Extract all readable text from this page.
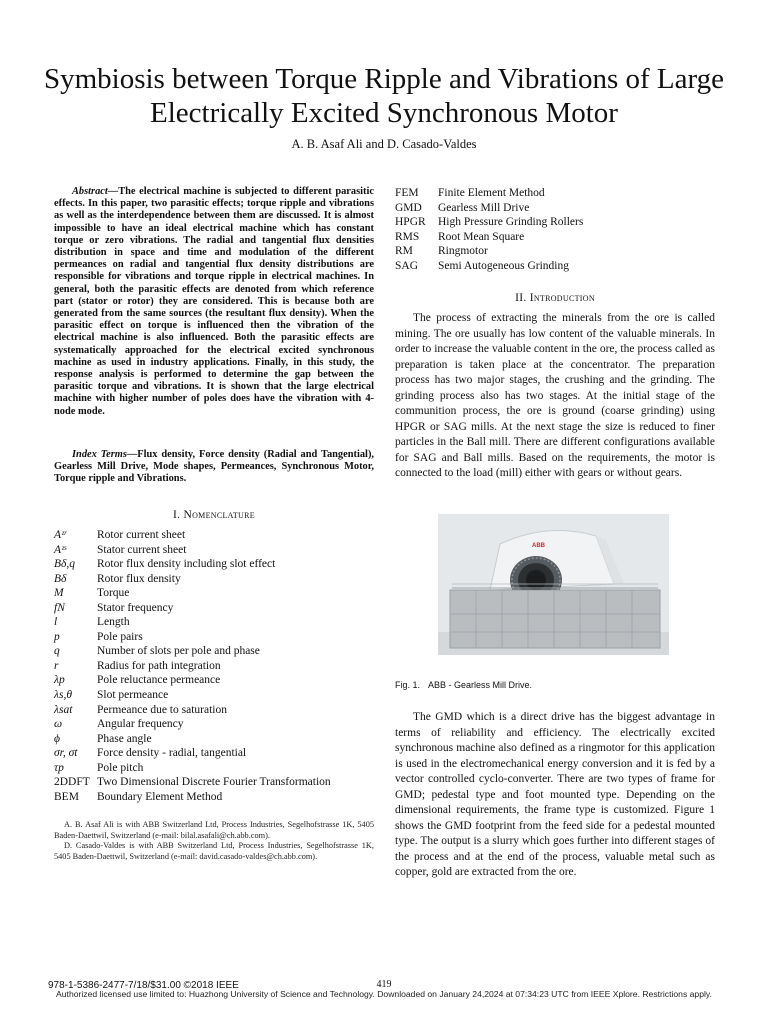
Symbiosis between Torque Ripple and Vibrations of Large Electrically Excited Synchronous Motor
A. B. Asaf Ali and D. Casado-Valdes
Abstract—The electrical machine is subjected to different parasitic effects. In this paper, two parasitic effects; torque ripple and vibrations as well as the interdependence between them are discussed. It is almost impossible to have an ideal electrical machine which has constant torque or zero vibrations. The radial and tangential flux densities distribution in space and time and modulation of the different permeances on radial and tangential flux density distributions are responsible for vibrations and torque ripple in electrical machines. In general, both the parasitic effects are denoted from which reference part (stator or rotor) they are considered. This is because both are generated from the same sources (the resultant flux density). When the parasitic effect on torque is influenced then the vibration of the electrical machine is also influenced. Both the parasitic effects are systematically approached for the electrical excited synchronous machine as used in industry applications. Finally, in this study, the response analysis is performed to determine the gap between the parasitic torque and vibrations. It is shown that the large electrical machine with higher number of poles does have the vibration with 4-node mode.
Index Terms—Flux density, Force density (Radial and Tangential), Gearless Mill Drive, Mode shapes, Permeances, Synchronous Motor, Torque ripple and Vibrations.
I. Nomenclature
Aᶻʳ	Rotor current sheet
Aᶻˢ	Stator current sheet
Bδ,q	Rotor flux density including slot effect
Bδ	Rotor flux density
M	Torque
fN	Stator frequency
l	Length
p	Pole pairs
q	Number of slots per pole and phase
r	Radius for path integration
λp	Pole reluctance permeance
λs,θ	Slot permeance
λsat	Permeance due to saturation
ω	Angular frequency
ϕ	Phase angle
σr, σt	Force density - radial, tangential
τp	Pole pitch
2DDFT Two Dimensional Discrete Fourier Transformation
BEM	Boundary Element Method

A. B. Asaf Ali is with ABB Switzerland Ltd, Process Industries, Segelhofstrasse 1K, 5405 Baden-Daettwil, Switzerland (e-mail: bilal.asafali@ch.abb.com).

D. Casado-Valdes is with ABB Switzerland Ltd, Process Industries, Segelhofstrasse 1K, 5405 Baden-Daettwil, Switzerland (e-mail: david.casado-valdes@ch.abb.com).

FEM	Finite Element Method
GMD	Gearless Mill Drive
HPGR	High Pressure Grinding Rollers
RMS	Root Mean Square
RM	Ringmotor
SAG	Semi Autogeneous Grinding
II. Introduction
The process of extracting the minerals from the ore is called mining. The ore usually has low content of the valuable minerals. In order to increase the valuable content in the ore, the process called as preparation is taken place at the concentrator. The preparation process has two major stages, the crushing and the grinding. The grinding process also has two stages. At the initial stage of the communition process, the ore is ground (coarse grinding) using HPGR or SAG mills. At the next stage the size is reduced to finer particles in the Ball mill. There are different configurations available for SAG and Ball mills. Based on the requirements, the motor is connected to the load (mill) either with gears or without gears.
ABB
Fig. 1. ABB - Gearless Mill Drive.
The GMD which is a direct drive has the biggest advantage in terms of reliability and efficiency. The electrically excited synchronous machine also defined as a ringmotor for this application is used in the electromechanical energy conversion and it is fed by a vector controlled cyclo-converter. There are two types of frame for GMD; pedestal type and foot mounted type. Depending on the dimensional requirements, the frame type is customized. Figure 1 shows the GMD footprint from the feed side for a pedestal mounted type. The output is a slurry which goes further into different stages of the process and at the end of the process, valuable metal such as copper, gold are extracted from the ore.
978-1-5386-2477-7/18/$31.00 ©2018 IEEE	419
Authorized licensed use limited to: Huazhong University of Science and Technology. Downloaded on January 24,2024 at 07:34:23 UTC from IEEE Xplore. Restrictions apply.
